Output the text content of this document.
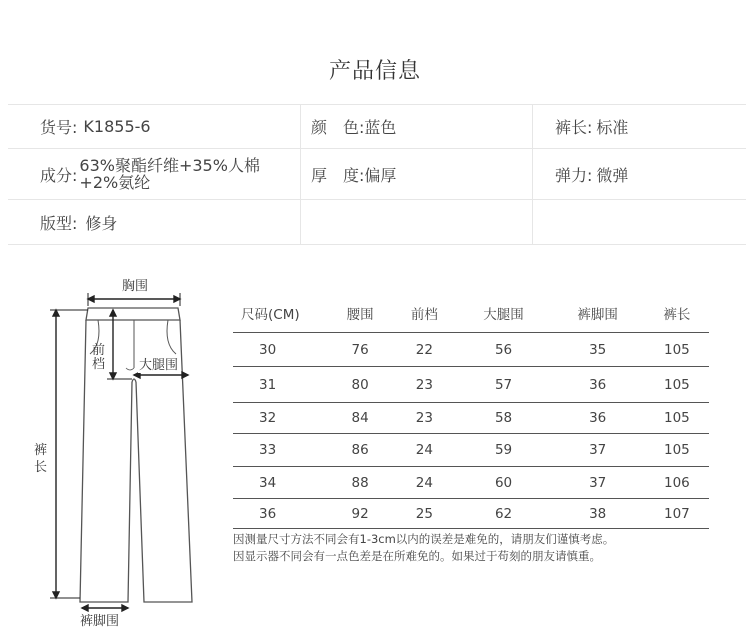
产品信息
货号: K1855-6	颜　色: 蓝色	裤长: 标准
成分: 63%聚酯纤维+35%人棉
+2%氨纶	厚　度: 偏厚	弹力: 微弹
版型: 修身
胸围
前档	大腿围
裤长
裤脚围
尺码(CM)	腰围	前档	大腿围	裤脚围	裤长
30	76	22	56	35	105
31	80	23	57	36	105
32	84	23	58	36	105
33	86	24	59	37	105
34	88	24	60	37	106
36	92	25	62	38	107
因测量尺寸方法不同会有1-3cm以内的误差是难免的，请朋友们谨慎考虑。
因显示器不同会有一点色差是在所难免的。如果过于苟刻的朋友请慎重。
